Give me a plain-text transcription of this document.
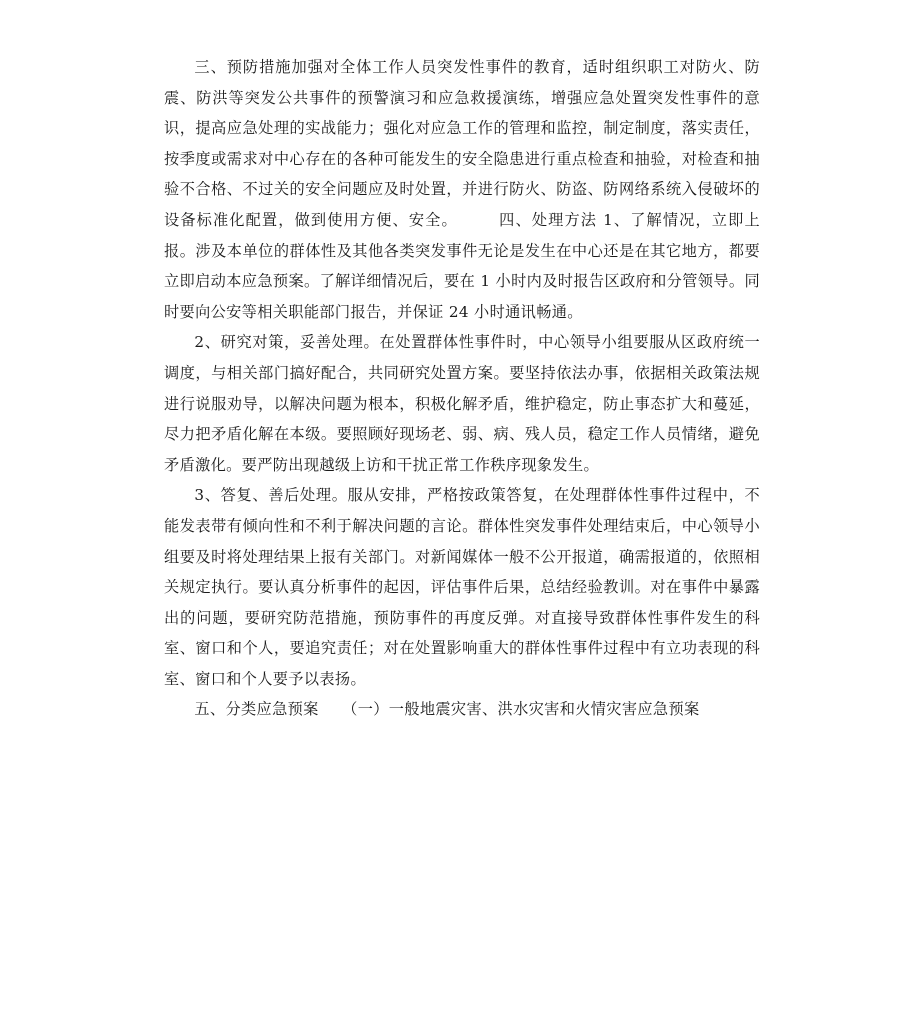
三、预防措施加强对全体工作人员突发性事件的教育，适时组织职工对防火、防震、防洪等突发公共事件的预警演习和应急救援演练，增强应急处置突发性事件的意识，提高应急处理的实战能力；强化对应急工作的管理和监控，制定制度，落实责任，按季度或需求对中心存在的各种可能发生的安全隐患进行重点检查和抽验，对检查和抽验不合格、不过关的安全问题应及时处置，并进行防火、防盗、防网络系统入侵破坏的设备标准化配置，做到使用方便、安全。　　　四、处理方法 1、了解情况，立即上报。涉及本单位的群体性及其他各类突发事件无论是发生在中心还是在其它地方，都要立即启动本应急预案。了解详细情况后，要在 1 小时内及时报告区政府和分管领导。同时要向公安等相关职能部门报告，并保证 24 小时通讯畅通。

2、研究对策，妥善处理。在处置群体性事件时，中心领导小组要服从区政府统一调度，与相关部门搞好配合，共同研究处置方案。要坚持依法办事，依据相关政策法规进行说服劝导，以解决问题为根本，积极化解矛盾，维护稳定，防止事态扩大和蔓延，尽力把矛盾化解在本级。要照顾好现场老、弱、病、残人员，稳定工作人员情绪，避免矛盾激化。要严防出现越级上访和干扰正常工作秩序现象发生。

3、答复、善后处理。服从安排，严格按政策答复，在处理群体性事件过程中，不能发表带有倾向性和不利于解决问题的言论。群体性突发事件处理结束后，中心领导小组要及时将处理结果上报有关部门。对新闻媒体一般不公开报道，确需报道的，依照相关规定执行。要认真分析事件的起因，评估事件后果，总结经验教训。对在事件中暴露出的问题，要研究防范措施，预防事件的再度反弹。对直接导致群体性事件发生的科室、窗口和个人，要追究责任；对在处置影响重大的群体性事件过程中有立功表现的科室、窗口和个人要予以表扬。

五、分类应急预案　　（一）一般地震灾害、洪水灾害和火情灾害应急预案
